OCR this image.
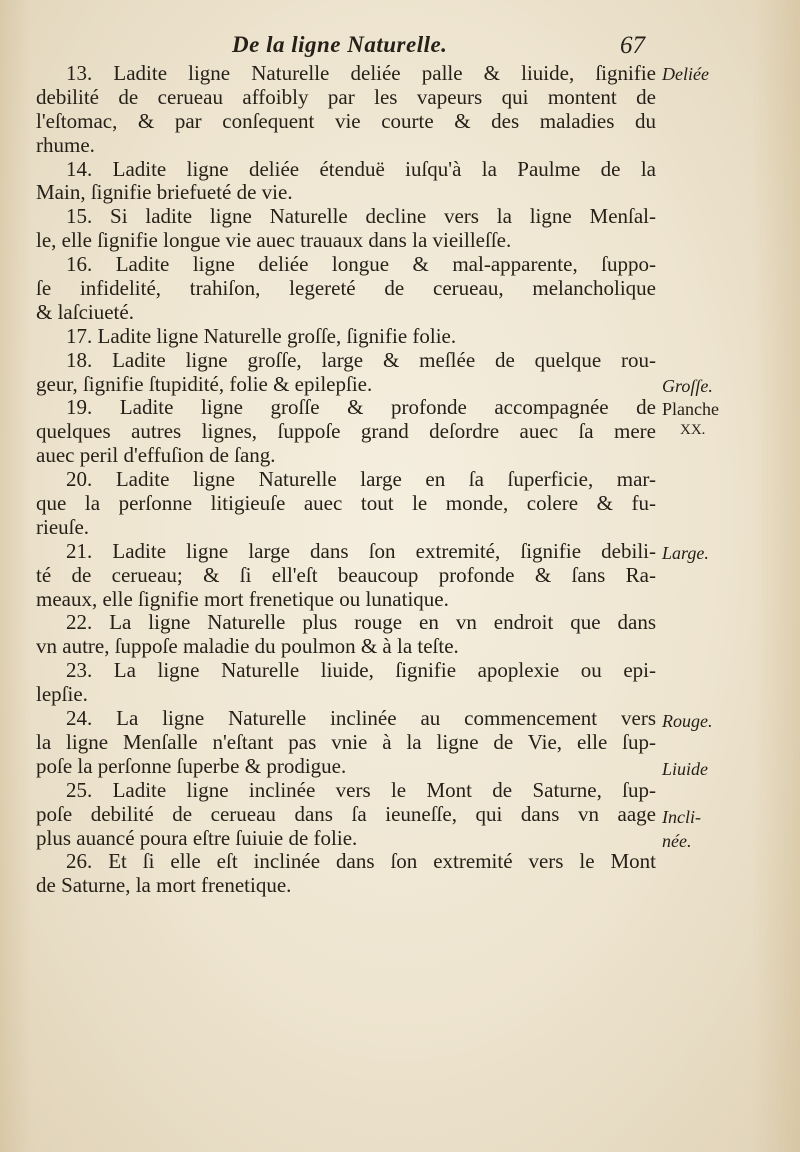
De la ligne Naturelle.	67
13. Ladite ligne Naturelle deliée palle & liuide, ſignifie
debilité de cerueau affoibly par les vapeurs qui montent de
l'eſtomac, & par conſequent vie courte & des maladies du
rhume.
14. Ladite ligne deliée étenduë iuſqu'à la Paulme de la
Main, ſignifie briefueté de vie.
15. Si ladite ligne Naturelle decline vers la ligne Menſal-
le, elle ſignifie longue vie auec trauaux dans la vieilleſſe.
16. Ladite ligne deliée longue & mal-apparente, ſuppo-
ſe infidelité, trahiſon, legereté de cerueau, melancholique
& laſciueté.
17. Ladite ligne Naturelle groſſe, ſignifie folie.
18. Ladite ligne groſſe, large & meſlée de quelque rou-
geur, ſignifie ſtupidité, folie & epilepſie.
19. Ladite ligne groſſe & profonde accompagnée de
quelques autres lignes, ſuppoſe grand deſordre auec ſa mere
auec peril d'effuſion de ſang.
20. Ladite ligne Naturelle large en ſa ſuperficie, mar-
que la perſonne litigieuſe auec tout le monde, colere & fu-
rieuſe.
21. Ladite ligne large dans ſon extremité, ſignifie debili-
té de cerueau; & ſi ell'eſt beaucoup profonde & ſans Ra-
meaux, elle ſignifie mort frenetique ou lunatique.
22. La ligne Naturelle plus rouge en vn endroit que dans
vn autre, ſuppoſe maladie du poulmon & à la teſte.
23. La ligne Naturelle liuide, ſignifie apoplexie ou epi-
lepſie.
24. La ligne Naturelle inclinée au commencement vers
la ligne Menſalle n'eſtant pas vnie à la ligne de Vie, elle ſup-
poſe la perſonne ſuperbe & prodigue.
25. Ladite ligne inclinée vers le Mont de Saturne, ſup-
poſe debilité de cerueau dans ſa ieuneſſe, qui dans vn aage
plus auancé poura eſtre ſuiuie de folie.
26. Et ſi elle eſt inclinée dans ſon extremité vers le Mont
de Saturne, la mort frenetique.
Deliée
Groſſe.
Planche
XX.
Large.
Rouge.
Liuide
Incli-
née.
